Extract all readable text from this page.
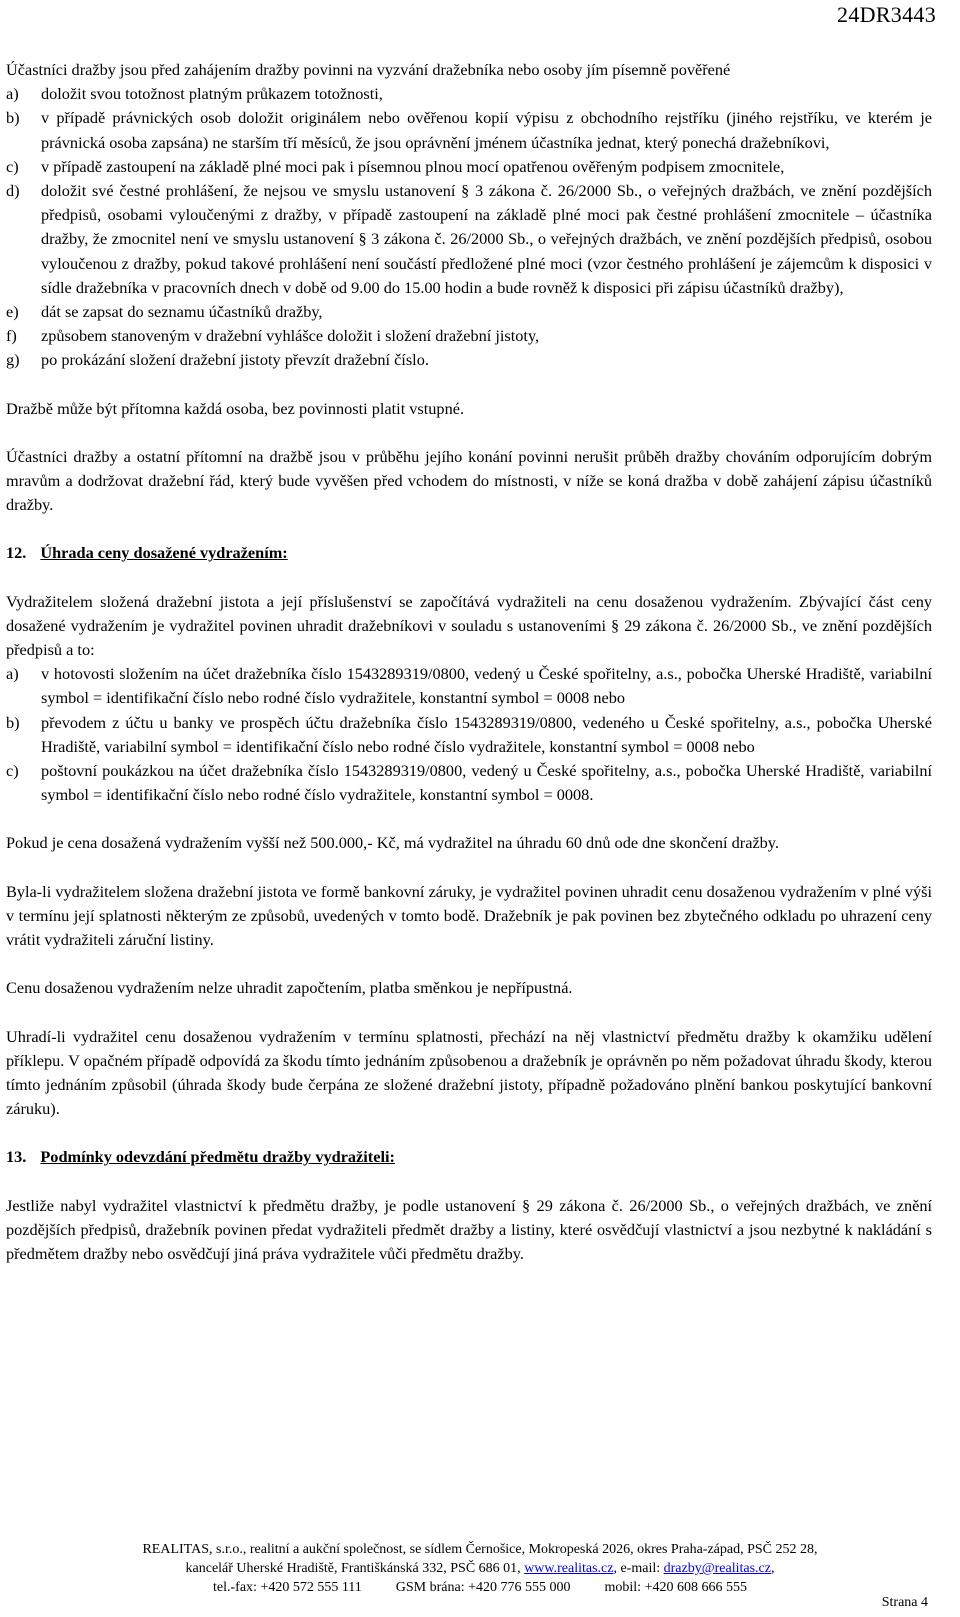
24DR3443

Účastníci dražby jsou před zahájením dražby povinni na vyzvání dražebníka nebo osoby jím písemně pověřené

a) doložit svou totožnost platným průkazem totožnosti,
b) v případě právnických osob doložit originálem nebo ověřenou kopií výpisu z obchodního rejstříku (jiného rejstříku, ve kterém je právnická osoba zapsána) ne starším tří měsíců, že jsou oprávnění jménem účastníka jednat, který ponechá dražebníkovi,
c) v případě zastoupení na základě plné moci pak i písemnou plnou mocí opatřenou ověřeným podpisem zmocnitele,
d) doložit své čestné prohlášení, že nejsou ve smyslu ustanovení § 3 zákona č. 26/2000 Sb., o veřejných dražbách, ve znění pozdějších předpisů, osobami vyloučenými z dražby, v případě zastoupení na základě plné moci pak čestné prohlášení zmocnitele – účastníka dražby, že zmocnitel není ve smyslu ustanovení § 3 zákona č. 26/2000 Sb., o veřejných dražbách, ve znění pozdějších předpisů, osobou vyloučenou z dražby, pokud takové prohlášení není součástí předložené plné moci (vzor čestného prohlášení je zájemcům k disposici v sídle dražebníka v pracovních dnech v době od 9.00 do 15.00 hodin a bude rovněž k disposici při zápisu účastníků dražby),
e) dát se zapsat do seznamu účastníků dražby,
f) způsobem stanoveným v dražební vyhlášce doložit i složení dražební jistoty,
g) po prokázání složení dražební jistoty převzít dražební číslo.

Dražbě může být přítomna každá osoba, bez povinnosti platit vstupné.

Účastníci dražby a ostatní přítomní na dražbě jsou v průběhu jejího konání povinni nerušit průběh dražby chováním odporujícím dobrým mravům a dodržovat dražební řád, který bude vyvěšen před vchodem do místnosti, v níže se koná dražba v době zahájení zápisu účastníků dražby.

12. Úhrada ceny dosažené vydražením:

Vydražitelem složená dražební jistota a její příslušenství se započítává vydražiteli na cenu dosaženou vydražením. Zbývající část ceny dosažené vydražením je vydražitel povinen uhradit dražebníkovi v souladu s ustanoveními § 29 zákona č. 26/2000 Sb., ve znění pozdějších předpisů a to:

a) v hotovosti složením na účet dražebníka číslo 1543289319/0800, vedený u České spořitelny, a.s., pobočka Uherské Hradiště, variabilní symbol = identifikační číslo nebo rodné číslo vydražitele, konstantní symbol = 0008 nebo
b) převodem z účtu u banky ve prospěch účtu dražebníka číslo 1543289319/0800, vedeného u České spořitelny, a.s., pobočka Uherské Hradiště, variabilní symbol = identifikační číslo nebo rodné číslo vydražitele, konstantní symbol = 0008 nebo
c) poštovní poukázkou na účet dražebníka číslo 1543289319/0800, vedený u České spořitelny, a.s., pobočka Uherské Hradiště, variabilní symbol = identifikační číslo nebo rodné číslo vydražitele, konstantní symbol = 0008.

Pokud je cena dosažená vydražením vyšší než 500.000,- Kč, má vydražitel na úhradu 60 dnů ode dne skončení dražby.

Byla-li vydražitelem složena dražební jistota ve formě bankovní záruky, je vydražitel povinen uhradit cenu dosaženou vydražením v plné výši v termínu její splatnosti některým ze způsobů, uvedených v tomto bodě. Dražebník je pak povinen bez zbytečného odkladu po uhrazení ceny vrátit vydražiteli záruční listiny.

Cenu dosaženou vydražením nelze uhradit započtením, platba směnkou je nepřípustná.

Uhradí-li vydražitel cenu dosaženou vydražením v termínu splatnosti, přechází na něj vlastnictví předmětu dražby k okamžiku udělení příklepu. V opačném případě odpovídá za škodu tímto jednáním způsobenou a dražebník je oprávněn po něm požadovat úhradu škody, kterou tímto jednáním způsobil (úhrada škody bude čerpána ze složené dražební jistoty, případně požadováno plnění bankou poskytující bankovní záruku).

13. Podmínky odevzdání předmětu dražby vydražiteli:

Jestliže nabyl vydražitel vlastnictví k předmětu dražby, je podle ustanovení § 29 zákona č. 26/2000 Sb., o veřejných dražbách, ve znění pozdějších předpisů, dražebník povinen předat vydražiteli předmět dražby a listiny, které osvědčují vlastnictví a jsou nezbytné k nakládání s předmětem dražby nebo osvědčují jiná práva vydražitele vůči předmětu dražby.

REALITAS, s.r.o., realitní a aukční společnost, se sídlem Černošice, Mokropeská 2026, okres Praha-západ, PSČ 252 28,
kancelář Uherské Hradiště, Františkánská 332, PSČ 686 01, www.realitas.cz, e-mail: drazby@realitas.cz,
tel.-fax: +420 572 555 111 GSM brána: +420 776 555 000 mobil: +420 608 666 555
Strana 4
